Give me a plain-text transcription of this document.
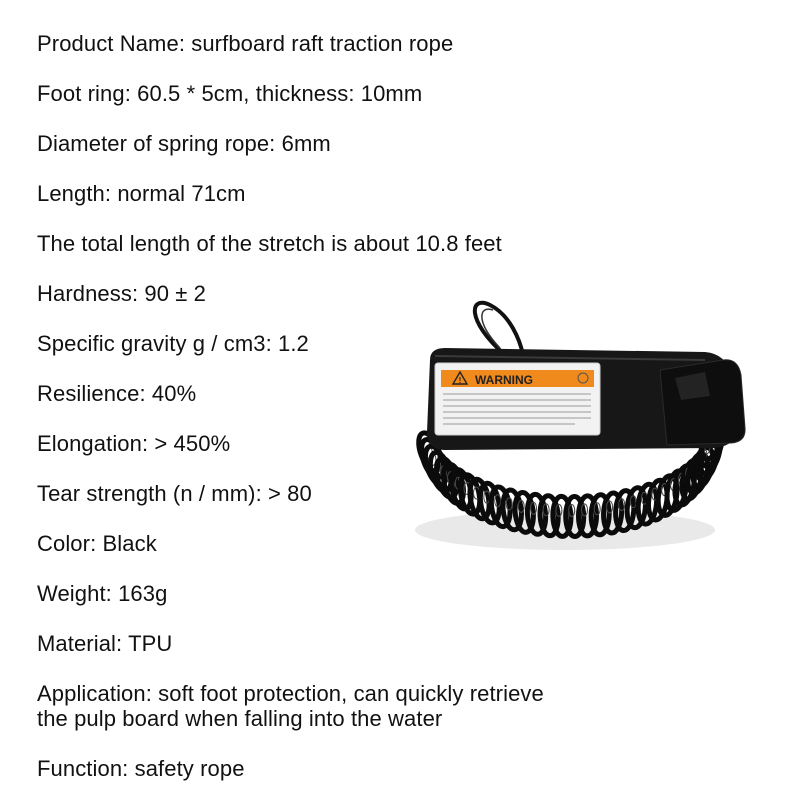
Product Name: surfboard raft traction rope
Foot ring: 60.5 * 5cm, thickness: 10mm
Diameter of spring rope: 6mm
Length: normal 71cm
The total length of the stretch is about 10.8 feet
Hardness: 90 ± 2
Specific gravity g / cm3: 1.2
Resilience: 40%
Elongation: > 450%
Tear strength (n / mm): > 80
Color: Black
Weight: 163g
Material: TPU
Application: soft foot protection, can quickly retrieve
the pulp board when falling into the water
Function: safety rope
! WARNING
